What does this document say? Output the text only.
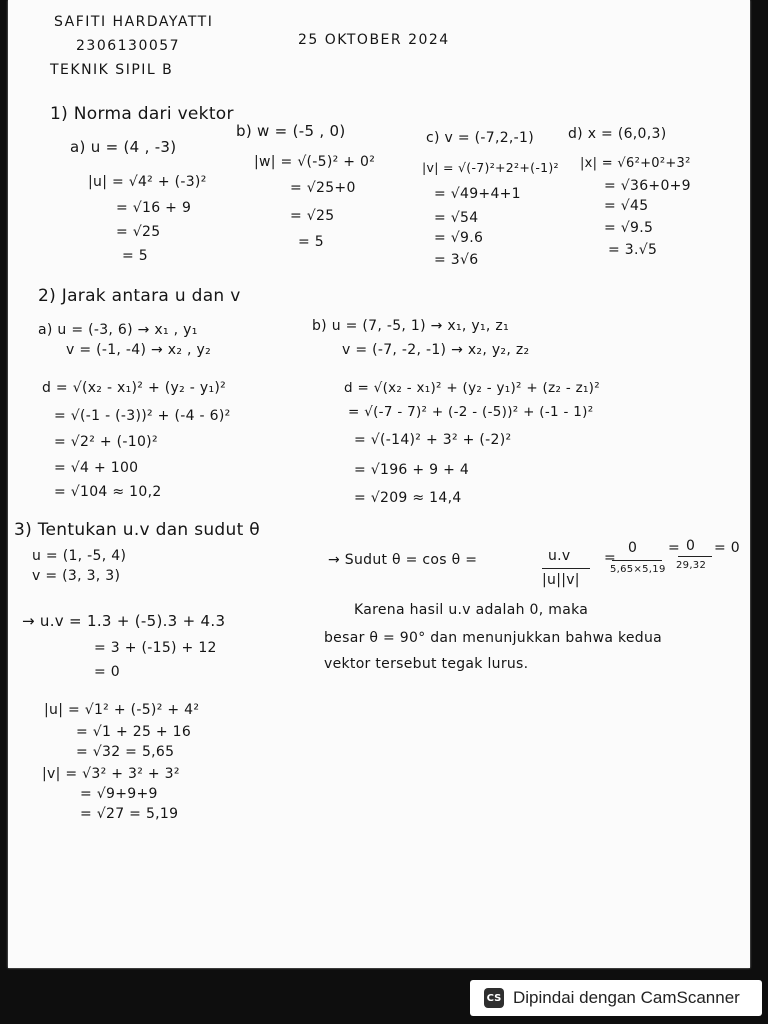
SAFITI HARDAYATTI
2306130057	25 OKTOBER 2024
TEKNIK SIPIL B
1) Norma dari vektor
a) u = (4 , -3)
|u| = √4² + (-3)²
= √16 + 9
= √25
= 5
b) w = (-5 , 0)
|w| = √(-5)² + 0²
= √25+0
= √25
= 5
c) v = (-7,2,-1)
|v| = √(-7)²+2²+(-1)²
= √49+4+1
= √54
= √9.6
= 3√6
d) x = (6,0,3)
|x| = √6²+0²+3²
= √36+0+9
= √45
= √9.5
= 3.√5
2) Jarak antara u dan v
a) u = (-3, 6) → x₁ , y₁
v = (-1, -4) → x₂ , y₂
d = √(x₂ - x₁)² + (y₂ - y₁)²
= √(-1 - (-3))² + (-4 - 6)²
= √2² + (-10)²
= √4 + 100
= √104 ≈ 10,2
b) u = (7, -5, 1) → x₁, y₁, z₁
v = (-7, -2, -1) → x₂, y₂, z₂
d = √(x₂ - x₁)² + (y₂ - y₁)² + (z₂ - z₁)²
= √(-7 - 7)² + (-2 - (-5))² + (-1 - 1)²
= √(-14)² + 3² + (-2)²
= √196 + 9 + 4
= √209 ≈ 14,4
3) Tentukan u.v dan sudut θ
u = (1, -5, 4)
v = (3, 3, 3)
→ Sudut θ = cos θ =	u.v
|u||v|
=
0
5,65×5,19
= 0
29,32
= 0
→ u.v = 1.3 + (-5).3 + 4.3
= 3 + (-15) + 12
= 0
Karena hasil u.v adalah 0, maka
besar θ = 90° dan menunjukkan bahwa kedua
vektor tersebut tegak lurus.
|u| = √1² + (-5)² + 4²
= √1 + 25 + 16
= √32 = 5,65
|v| = √3² + 3² + 3²
= √9+9+9
= √27 = 5,19
CS Dipindai dengan CamScanner
